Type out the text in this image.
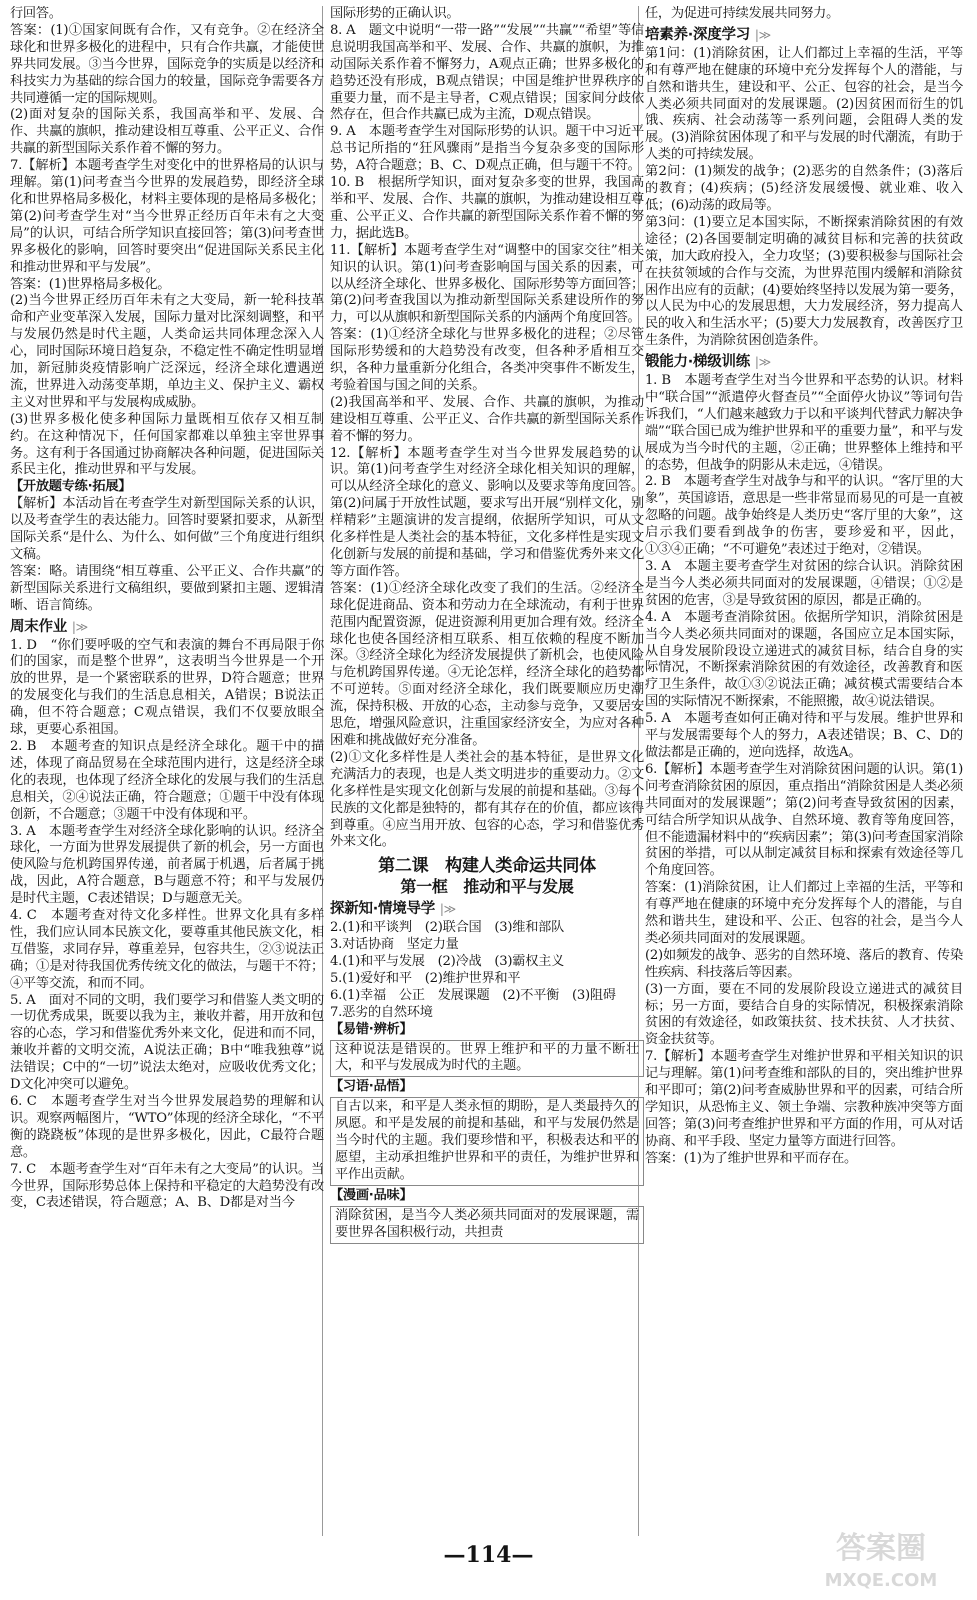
行回答。

答案：(1)①国家间既有合作，又有竞争。②在经济全球化和世界多极化的进程中，只有合作共赢，才能使世界共同发展。③当今世界，国际竞争的实质是以经济和科技实力为基础的综合国力的较量，国际竞争需要各方共同遵循一定的国际规则。

(2)面对复杂的国际关系，我国高举和平、发展、合作、共赢的旗帜，推动建设相互尊重、公平正义、合作共赢的新型国际关系作着不懈的努力。

7.【解析】本题考查学生对变化中的世界格局的认识与理解。第(1)问考查当今世界的发展趋势，即经济全球化和世界格局多极化，材料主要体现的是格局多极化；第(2)问考查学生对“当今世界正经历百年未有之大变局”的认识，可结合所学知识直接回答；第(3)问考查世界多极化的影响，回答时要突出“促进国际关系民主化和推动世界和平与发展”。

答案：(1)世界格局多极化。

(2)当今世界正经历百年未有之大变局，新一轮科技革命和产业变革深入发展，国际力量对比深刻调整，和平与发展仍然是时代主题，人类命运共同体理念深入人心，同时国际环境日趋复杂，不稳定性不确定性明显增加，新冠肺炎疫情影响广泛深远，经济全球化遭遇逆流，世界进入动荡变革期，单边主义、保护主义、霸权主义对世界和平与发展构成威胁。

(3)世界多极化使多种国际力量既相互依存又相互制约。在这种情况下，任何国家都难以单独主宰世界事务。这有利于各国通过协商解决各种问题，促进国际关系民主化，推动世界和平与发展。

【开放题专练·拓展】

【解析】本活动旨在考查学生对新型国际关系的认识，以及考查学生的表达能力。回答时要紧扣要求，从新型国际关系“是什么、为什么、如何做”三个角度进行组织文稿。

答案：略。请围绕“相互尊重、公平正义、合作共赢”的新型国际关系进行文稿组织，要做到紧扣主题、逻辑清晰、语言简练。

周末作业 |≫

1. D　“你们要呼吸的空气和表演的舞台不再局限于你们的国家，而是整个世界”，这表明当今世界是一个开放的世界，是一个紧密联系的世界，D符合题意；世界的发展变化与我们的生活息息相关，A错误；B说法正确，但不符合题意；C观点错误，我们不仅要放眼全球，更要心系祖国。

2. B　本题考查的知识点是经济全球化。题干中的描述，体现了商品贸易在全球范围内进行，这是经济全球化的表现，也体现了经济全球化的发展与我们的生活息息相关，②④说法正确，符合题意；①题干中没有体现创新，不合题意；③题干中没有体现和平。

3. A　本题考查学生对经济全球化影响的认识。经济全球化，一方面为世界发展提供了新的机会，另一方面也使风险与危机跨国界传递，前者属于机遇，后者属于挑战，因此，A符合题意，B与题意不符；和平与发展仍是时代主题，C表述错误；D与题意无关。

4. C　本题考查对待文化多样性。世界文化具有多样性，我们应认同本民族文化，要尊重其他民族文化，相互借鉴，求同存异，尊重差异，包容共生，②③说法正确；①是对待我国优秀传统文化的做法，与题干不符；④平等交流，和而不同。

5. A　面对不同的文明，我们要学习和借鉴人类文明的一切优秀成果，既要以我为主，兼收并蓄，用开放和包容的心态，学习和借鉴优秀外来文化，促进和而不同，兼收并蓄的文明交流，A说法正确；B中“唯我独尊”说法错误；C中的“一切”说法太绝对，应吸收优秀文化；D文化冲突可以避免。

6. C　本题考查学生对当今世界发展趋势的理解和认识。观察两幅图片，“WTO”体现的经济全球化，“不平衡的跷跷板”体现的是世界多极化，因此，C最符合题意。

7. C　本题考查学生对“百年未有之大变局”的认识。当今世界，国际形势总体上保持和平稳定的大趋势没有改变，C表述错误，符合题意；A、B、D都是对当今

国际形势的正确认识。

8. A　题文中说明“一带一路”“发展”“共赢”“希望”等信息说明我国高举和平、发展、合作、共赢的旗帜，为推动国际关系作着不懈努力，A观点正确；世界多极化的趋势还没有形成，B观点错误；中国是维护世界秩序的重要力量，而不是主导者，C观点错误；国家间分歧依然存在，但合作共赢已成为主流，D观点错误。

9. A　本题考查学生对国际形势的认识。题干中习近平总书记所指的“狂风骤雨”是指当今复杂多变的国际形势，A符合题意；B、C、D观点正确，但与题干不符。

10. B　根据所学知识，面对复杂多变的世界，我国高举和平、发展、合作、共赢的旗帜，为推动建设相互尊重、公平正义、合作共赢的新型国际关系作着不懈的努力，据此选B。

11.【解析】本题考查学生对“调整中的国家交往”相关知识的认识。第(1)问考查影响国与国关系的因素，可以从经济全球化、世界多极化、国际形势等方面回答；第(2)问考查我国以为推动新型国际关系建设所作的努力，可以从旗帜和新型国际关系的内涵两个角度回答。

答案：(1)①经济全球化与世界多极化的进程；②尽管国际形势缓和的大趋势没有改变，但各种矛盾相互交织，各种力量重新分化组合，各类冲突事件不断发生，考验着国与国之间的关系。

(2)我国高举和平、发展、合作、共赢的旗帜，为推动建设相互尊重、公平正义、合作共赢的新型国际关系作着不懈的努力。

12.【解析】本题考查学生对当今世界发展趋势的认识。第(1)问考查学生对经济全球化相关知识的理解，可以从经济全球化的意义、影响以及要求等角度回答。第(2)问属于开放性试题，要求写出开展“别样文化，别样精彩”主题演讲的发言提纲，依据所学知识，可从文化多样性是人类社会的基本特征，文化多样性是实现文化创新与发展的前提和基础，学习和借鉴优秀外来文化等方面作答。

答案：(1)①经济全球化改变了我们的生活。②经济全球化促进商品、资本和劳动力在全球流动，有利于世界范围内配置资源，促进资源利用更加合理有效。经济全球化也使各国经济相互联系、相互依赖的程度不断加深。③经济全球化为经济发展提供了新机会，也使风险与危机跨国界传递。④无论怎样，经济全球化的趋势都不可逆转。⑤面对经济全球化，我们既要顺应历史潮流，保持积极、开放的心态，主动参与竞争，又要居安思危，增强风险意识，注重国家经济安全，为应对各种困难和挑战做好充分准备。

(2)①文化多样性是人类社会的基本特征，是世界文化充满活力的表现，也是人类文明进步的重要动力。②文化多样性是实现文化创新与发展的前提和基础。③每个民族的文化都是独特的，都有其存在的价值，都应该得到尊重。④应当用开放、包容的心态，学习和借鉴优秀外来文化。

第二课　构建人类命运共同体
第一框　推动和平与发展
探新知·情境导学 |≫

2.(1)和平谈判　(2)联合国　(3)维和部队

3.对话协商　坚定力量

4.(1)和平与发展　(2)冷战　(3)霸权主义

5.(1)爱好和平　(2)维护世界和平

6.(1)幸福　公正　发展课题　(2)不平衡　(3)阻碍

7.恶劣的自然环境

【易错·辨析】

这种说法是错误的。世界上维护和平的力量不断壮大，和平与发展成为时代的主题。

【习语·品悟】

自古以来，和平是人类永恒的期盼，是人类最持久的夙愿。和平是发展的前提和基础，和平与发展仍然是当今时代的主题。我们要珍惜和平，积极表达和平的愿望，主动承担维护世界和平的责任，为维护世界和平作出贡献。

【漫画·品味】

消除贫困，是当今人类必须共同面对的发展课题，需要世界各国积极行动，共担责

任，为促进可持续发展共同努力。

培素养·深度学习 |≫

第1问：(1)消除贫困，让人们都过上幸福的生活，平等和有尊严地在健康的环境中充分发挥每个人的潜能，与自然和谐共生，建设和平、公正、包容的社会，是当今人类必须共同面对的发展课题。(2)因贫困而衍生的饥饿、疾病、社会动荡等一系列问题，会阻碍人类的发展。(3)消除贫困体现了和平与发展的时代潮流，有助于人类的可持续发展。

第2问：(1)频发的战争；(2)恶劣的自然条件；(3)落后的教育；(4)疾病；(5)经济发展缓慢、就业难、收入低；(6)动荡的政局等。

第3问：(1)要立足本国实际，不断探索消除贫困的有效途径；(2)各国要制定明确的减贫目标和完善的扶贫政策，加大政府投入，全力攻坚；(3)要积极参与国际社会在扶贫领域的合作与交流，为世界范围内缓解和消除贫困作出应有的贡献；(4)要始终坚持以发展为第一要务，以人民为中心的发展思想，大力发展经济，努力提高人民的收入和生活水平；(5)要大力发展教育，改善医疗卫生条件，为消除贫困创造条件。

锻能力·梯级训练 |≫

1. B　本题考查学生对当今世界和平态势的认识。材料中“联合国”“派遣停火督查员”“全面停火协议”等词句告诉我们，“人们越来越致力于以和平谈判代替武力解决争端”“联合国已成为维护世界和平的重要力量”，和平与发展成为当今时代的主题，②正确；世界整体上维持和平的态势，但战争的阴影从未走远，④错误。

2. B　本题考查学生对战争与和平的认识。“客厅里的大象”，英国谚语，意思是一些非常显而易见的可是一直被忽略的问题。战争始终是人类历史“客厅里的大象”，这启示我们要看到战争的伤害，要珍爱和平，因此，①③④正确；“不可避免”表述过于绝对，②错误。

3. A　本题主要考查学生对贫困的综合认识。消除贫困是当今人类必须共同面对的发展课题，④错误；①②是贫困的危害，③是导致贫困的原因，都是正确的。

4. A　本题考查消除贫困。依据所学知识，消除贫困是当今人类必须共同面对的课题，各国应立足本国实际，从自身发展阶段设立递进式的减贫目标，结合自身的实际情况，不断探索消除贫困的有效途径，改善教育和医疗卫生条件，故①③②说法正确；减贫模式需要结合本国的实际情况不断探索，不能照搬，故④说法错误。

5. A　本题考查如何正确对待和平与发展。维护世界和平与发展需要每个人的努力，A表述错误；B、C、D的做法都是正确的，逆向选择，故选A。

6.【解析】本题考查学生对消除贫困问题的认识。第(1)问考查消除贫困的原因，重点指出“消除贫困是人类必须共同面对的发展课题”；第(2)问考查导致贫困的因素，可结合所学知识从战争、自然环境、教育等角度回答，但不能遗漏材料中的“疾病因素”；第(3)问考查国家消除贫困的举措，可以从制定减贫目标和探索有效途径等几个角度回答。

答案：(1)消除贫困，让人们都过上幸福的生活，平等和有尊严地在健康的环境中充分发挥每个人的潜能，与自然和谐共生，建设和平、公正、包容的社会，是当今人类必须共同面对的发展课题。

(2)如频发的战争、恶劣的自然环境、落后的教育、传染性疾病、科技落后等因素。

(3)一方面，要在不同的发展阶段设立递进式的减贫目标；另一方面，要结合自身的实际情况，积极探索消除贫困的有效途径，如政策扶贫、技术扶贫、人才扶贫、资金扶贫等。

7.【解析】本题考查学生对维护世界和平相关知识的识记与理解。第(1)问考查维和部队的目的，突出维护世界和平即可；第(2)问考查威胁世界和平的因素，可结合所学知识，从恐怖主义、领土争端、宗教种族冲突等方面回答；第(3)问考查维护世界和平方面的作用，可从对话协商、和平手段、坚定力量等方面进行回答。

答案：(1)为了维护世界和平而存在。

—114—	答案圈
MXQE.COM
